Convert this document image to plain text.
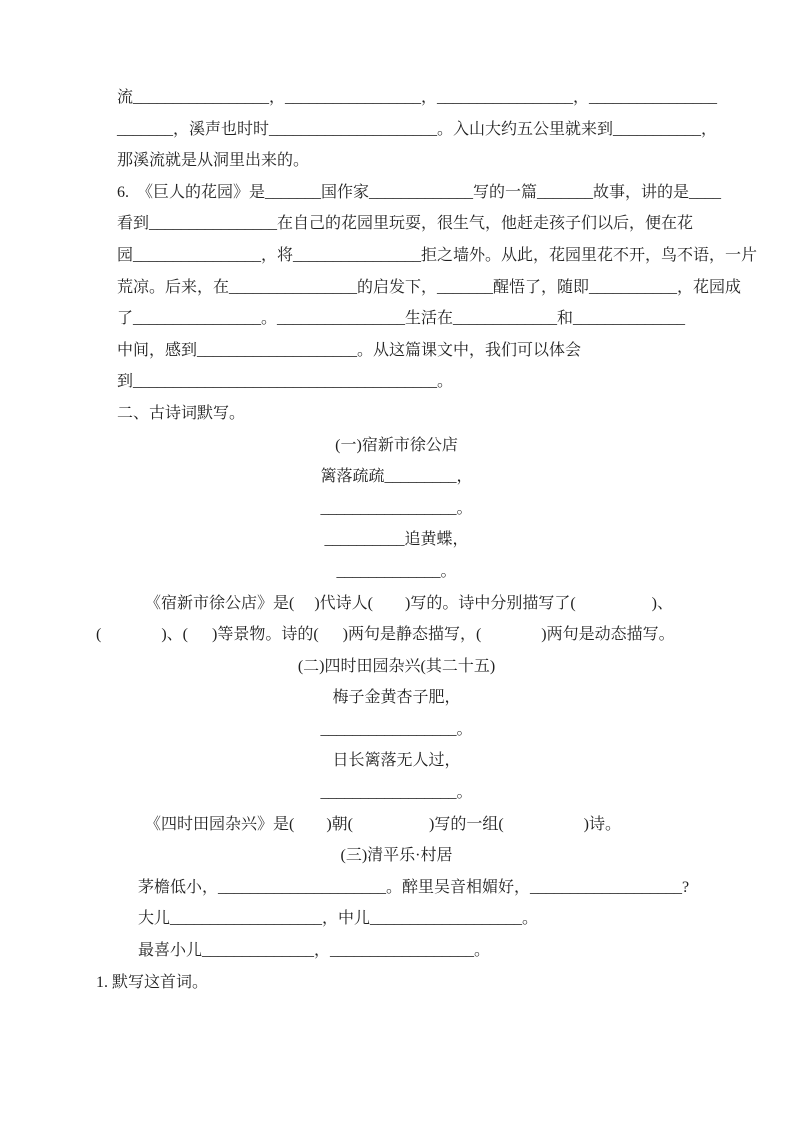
流_________________，_________________，_________________，________________
_______，溪声也时时_____________________。入山大约五公里就来到___________，
那溪流就是从洞里出来的。
6.  《巨人的花园》是_______国作家_____________写的一篇_______故事，讲的是____
看到________________在自己的花园里玩耍，很生气，他赶走孩子们以后，便在花
园________________，将________________拒之墙外。从此，花园里花不开，鸟不语，一片
荒凉。后来，在________________的启发下，_______醒悟了，随即___________，花园成
了________________。________________生活在_____________和______________
中间，感到____________________。从这篇课文中，我们可以体会
到______________________________________。
二、古诗词默写。
(一)宿新市徐公店
篱落疏疏_________，
_________________。
__________追黄蝶，
_____________。
《宿新市徐公店》是(     )代诗人(        )写的。诗中分别描写了(                   )、
(               )、(      )等景物。诗的(      )两句是静态描写，(               )两句是动态描写。
(二)四时田园杂兴(其二十五)
梅子金黄杏子肥，
_________________。
日长篱落无人过，
_________________。
《四时田园杂兴》是(        )朝(                   )写的一组(                    )诗。
(三)清平乐·村居
茅檐低小，_____________________。醉里吴音相媚好，___________________?
大儿___________________，中儿___________________。
最喜小儿______________，__________________。
1. 默写这首词。
